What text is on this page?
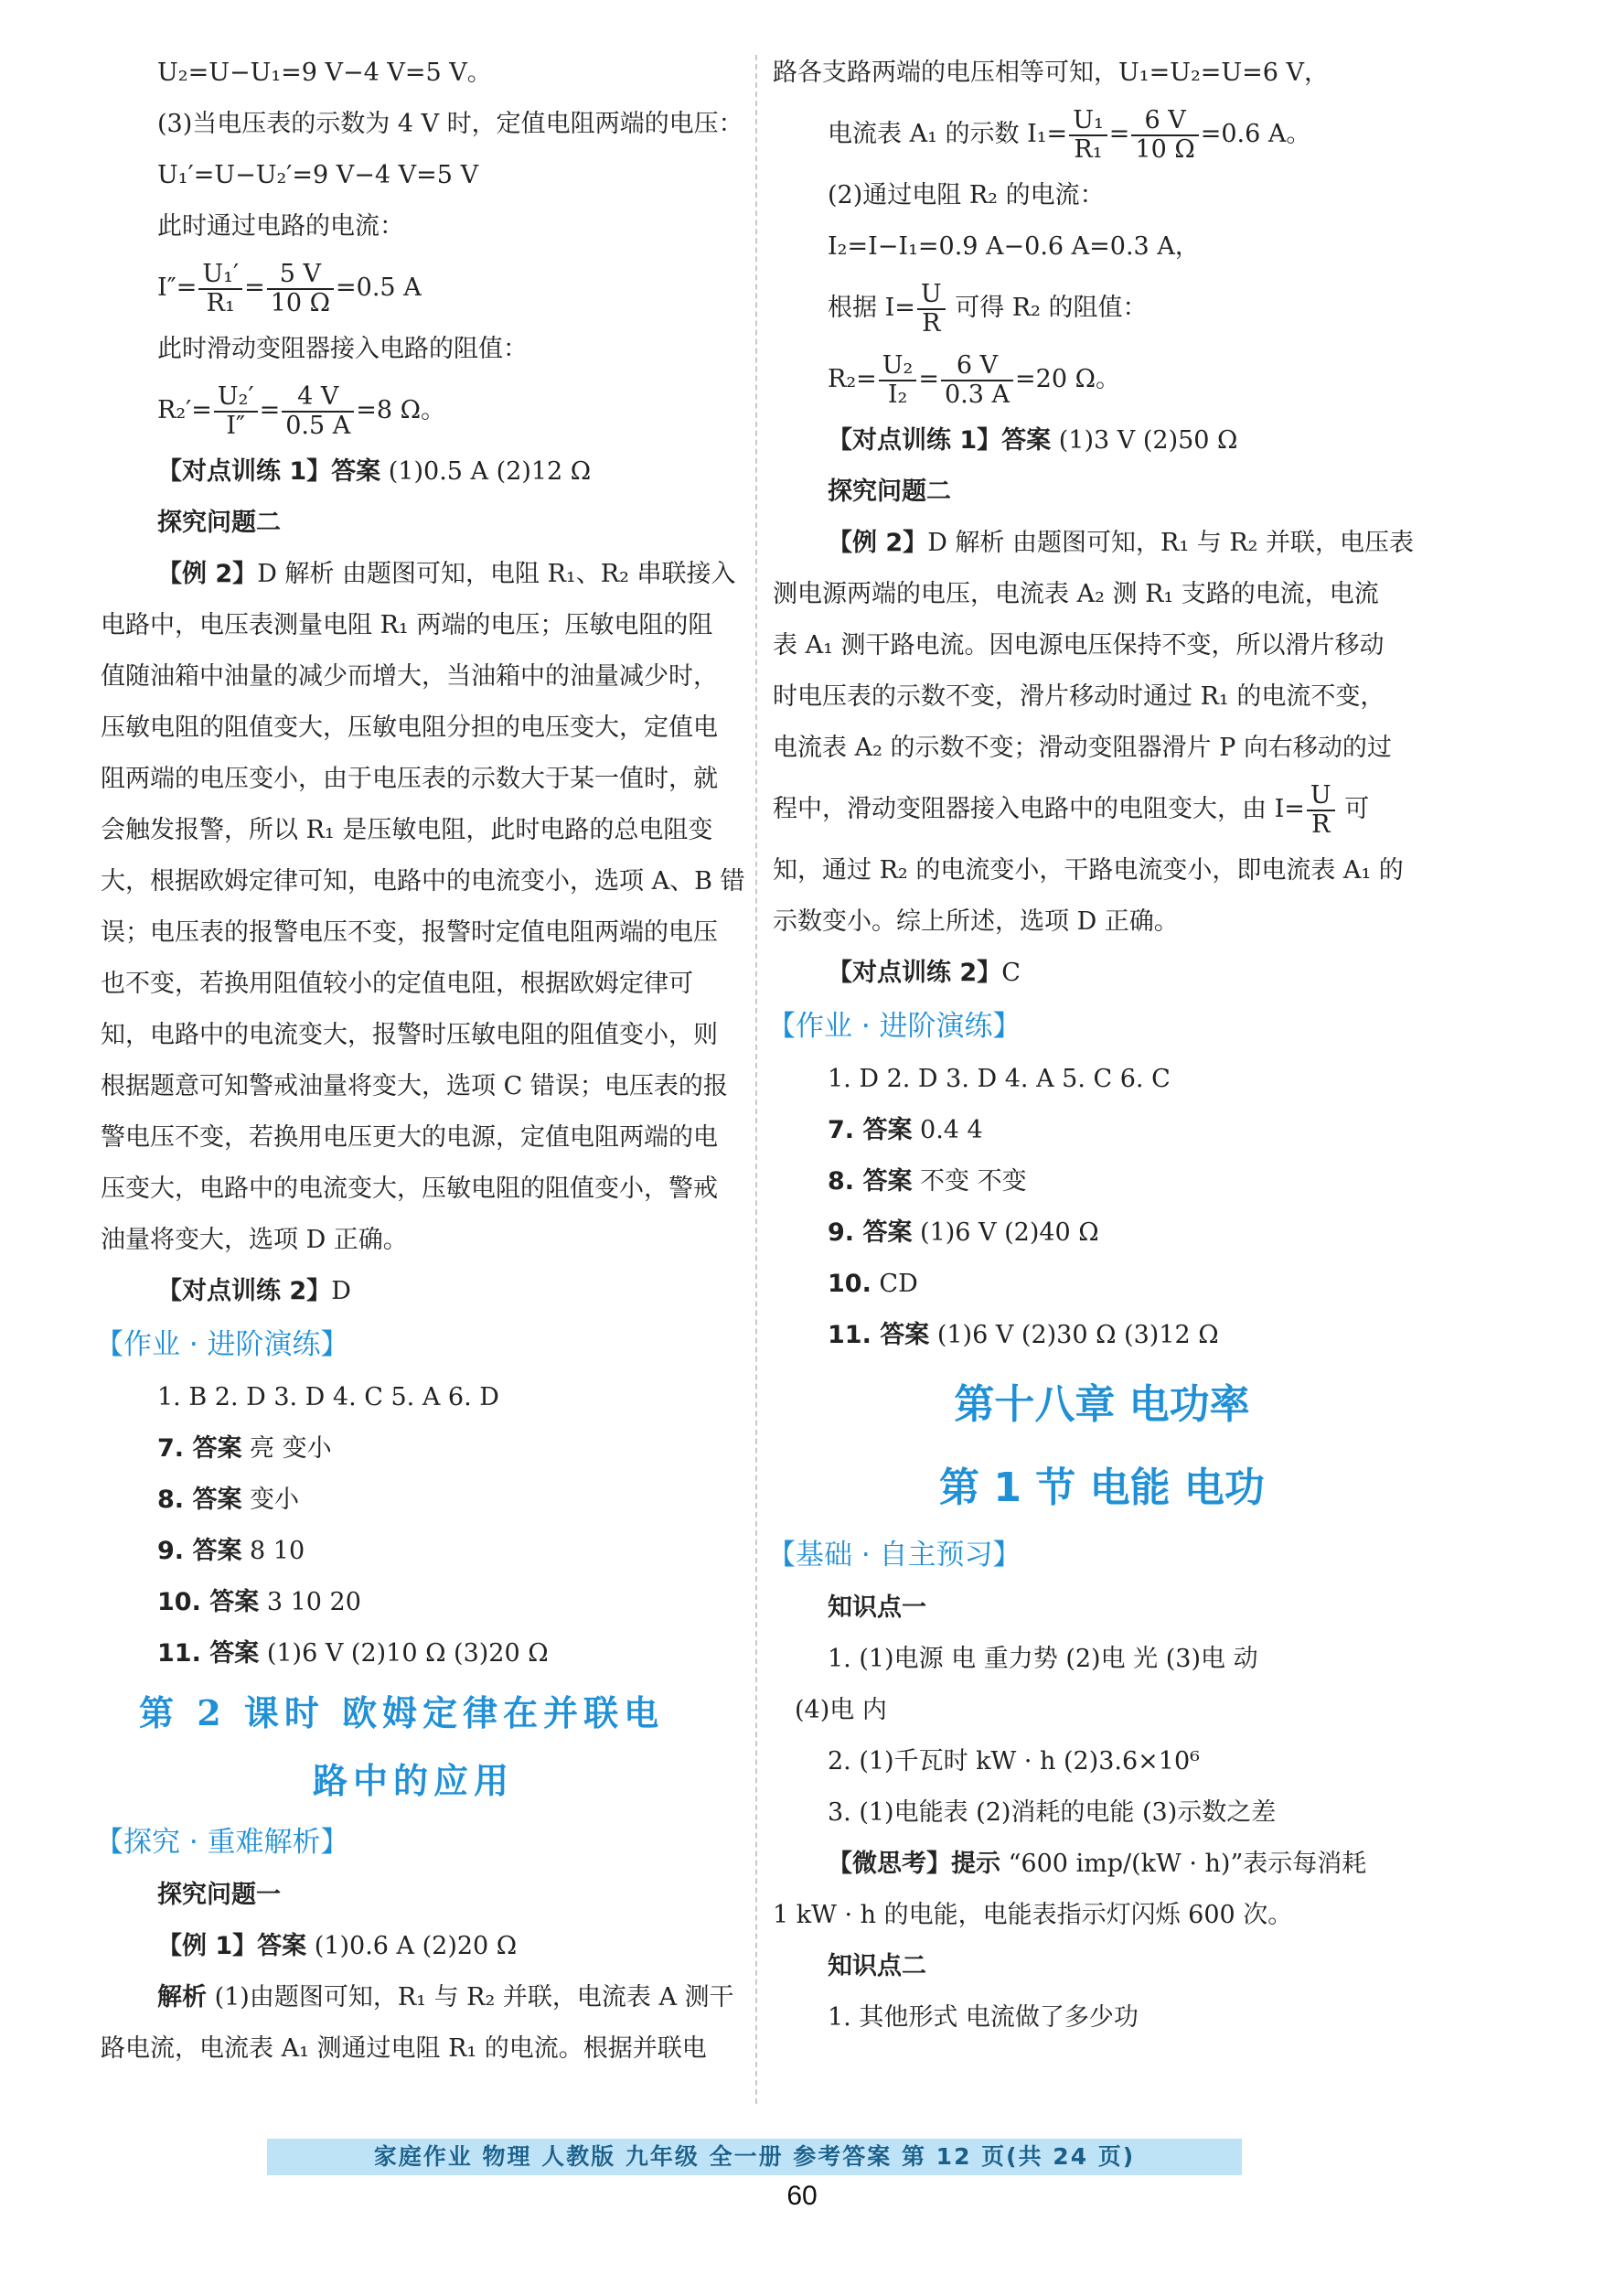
U₂=U−U₁=9 V−4 V=5 V。
(3)当电压表的示数为 4 V 时，定值电阻两端的电压：
U₁′=U−U₂′=9 V−4 V=5 V
此时通过电路的电流：
$I''= \frac{\text{U₁′}}{\text{R₁}} = \frac{5 V}{10 \Omega} =0.5$ A
此时滑动变阻器接入电路的阻值：
$R_2'= \frac{\text{U₂′}}{I''} = \frac{4 V}{0.5 A} =8$ Ω。
【对点训练 1】答案 (1)0.5 A (2)12 Ω
探究问题二
【例 2】D 解析 由题图可知，电阻 R₁、R₂ 串联接入
电路中，电压表测量电阻 R₁ 两端的电压；压敏电阻的阻
值随油箱中油量的减少而增大，当油箱中的油量减少时，
压敏电阻的阻值变大，压敏电阻分担的电压变大，定值电
阻两端的电压变小，由于电压表的示数大于某一值时，就
会触发报警，所以 R₁ 是压敏电阻，此时电路的总电阻变
大，根据欧姆定律可知，电路中的电流变小，选项 A、B 错
误；电压表的报警电压不变，报警时定值电阻两端的电压
也不变，若换用阻值较小的定值电阻，根据欧姆定律可
知，电路中的电流变大，报警时压敏电阻的阻值变小，则
根据题意可知警戒油量将变大，选项 C 错误；电压表的报
警电压不变，若换用电压更大的电源，定值电阻两端的电
压变大，电路中的电流变大，压敏电阻的阻值变小，警戒
油量将变大，选项 D 正确。
【对点训练 2】D
【作业 · 进阶演练】
1. B 2. D 3. D 4. C 5. A 6. D
7. 答案 亮 变小
8. 答案 变小
9. 答案 8 10
10. 答案 3 10 20
11. 答案 (1)6 V (2)10 Ω (3)20 Ω
第 2 课时 欧姆定律在并联电
路中的应用
【探究 · 重难解析】
探究问题一
【例 1】答案 (1)0.6 A (2)20 Ω
解析 (1)由题图可知，R₁ 与 R₂ 并联，电流表 A 测干
路电流，电流表 A₁ 测通过电阻 R₁ 的电流。根据并联电
路各支路两端的电压相等可知，U₁=U₂=U=6 V，
电流表 A₁ 的示数 $I_1= \frac{\text{U₁}}{\text{R₁}} = \frac{6 V}{10 \Omega} =0.6$ A。
(2)通过电阻 R₂ 的电流：
I₂=I−I₁=0.9 A−0.6 A=0.3 A，
根据 $I= \frac{U}{R}$ 可得 R₂ 的阻值：
$R_2= \frac{\text{U₂}}{\text{I₂}} = \frac{6 V}{0.3 A} =20$ Ω。
【对点训练 1】答案 (1)3 V (2)50 Ω
探究问题二
【例 2】D 解析 由题图可知，R₁ 与 R₂ 并联，电压表
测电源两端的电压，电流表 A₂ 测 R₁ 支路的电流，电流
表 A₁ 测干路电流。因电源电压保持不变，所以滑片移动
时电压表的示数不变，滑片移动时通过 R₁ 的电流不变，
电流表 A₂ 的示数不变；滑动变阻器滑片 P 向右移动的过
程中，滑动变阻器接入电路中的电阻变大，由 $I= \frac{U}{R}$ 可
知，通过 R₂ 的电流变小，干路电流变小，即电流表 A₁ 的
示数变小。综上所述，选项 D 正确。
【对点训练 2】C
【作业 · 进阶演练】
1. D 2. D 3. D 4. A 5. C 6. C
7. 答案 0.4 4
8. 答案 不变 不变
9. 答案 (1)6 V (2)40 Ω
10. CD
11. 答案 (1)6 V (2)30 Ω (3)12 Ω
第十八章 电功率
第 1 节 电能 电功
【基础 · 自主预习】
知识点一
1. (1)电源 电 重力势 (2)电 光 (3)电 动
(4)电 内
2. (1)千瓦时 kW · h (2)3.6×10⁶
3. (1)电能表 (2)消耗的电能 (3)示数之差
【微思考】提示 “600 imp/(kW · h)”表示每消耗
1 kW · h 的电能，电能表指示灯闪烁 600 次。
知识点二
1. 其他形式 电流做了多少功
家庭作业 物理 人教版 九年级 全一册 参考答案 第 12 页(共 24 页)
60
